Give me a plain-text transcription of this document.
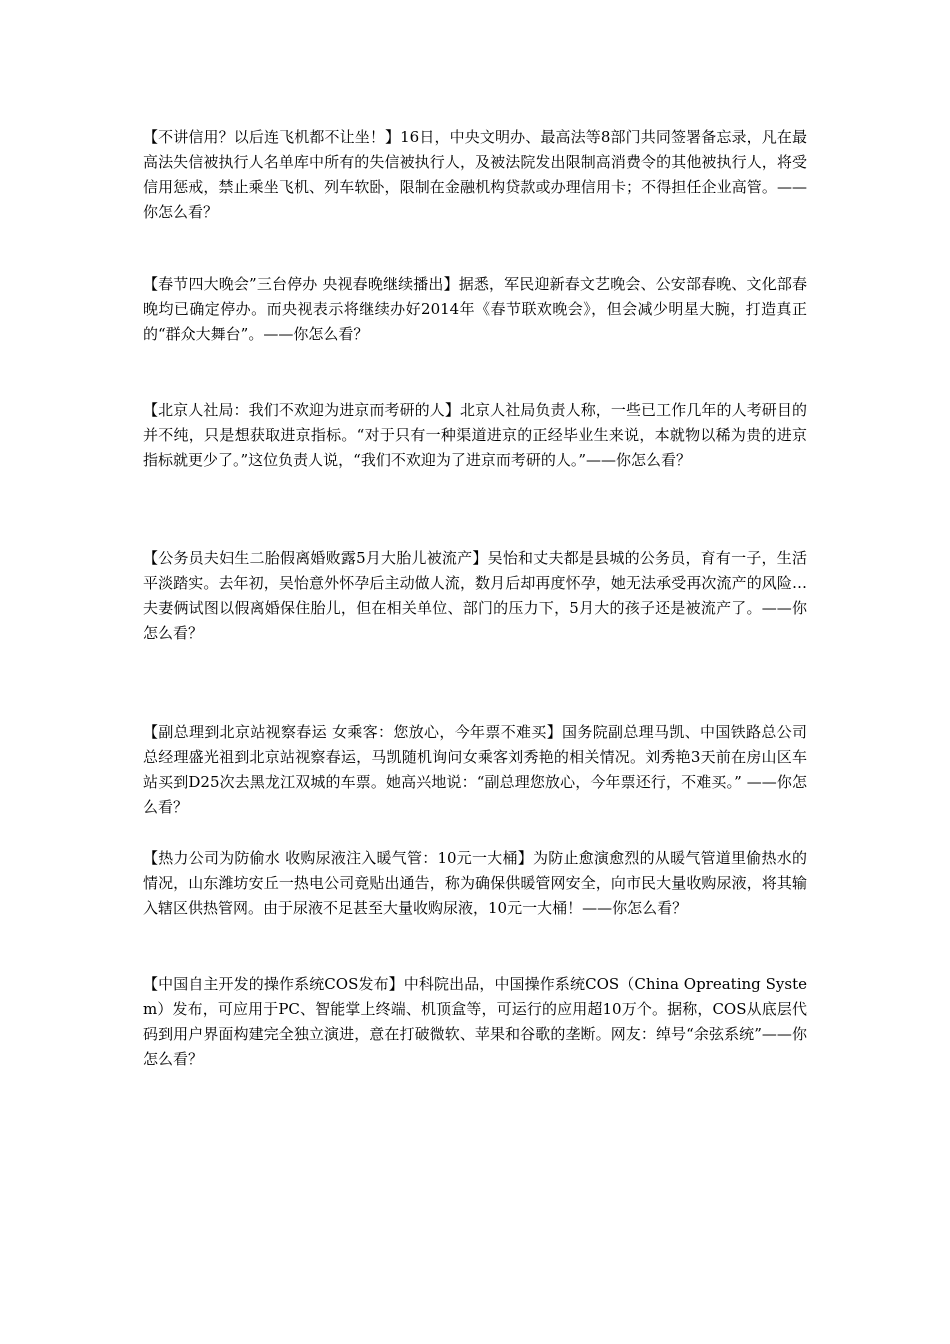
【不讲信用？以后连飞机都不让坐！】16日，中央文明办、最高法等8部门共同签署备忘录，凡在最高法失信被执行人名单库中所有的失信被执行人，及被法院发出限制高消费令的其他被执行人，将受信用惩戒，禁止乘坐飞机、列车软卧，限制在金融机构贷款或办理信用卡；不得担任企业高管。——你怎么看？

【春节四大晚会”三台停办 央视春晚继续播出】据悉，军民迎新春文艺晚会、公安部春晚、文化部春晚均已确定停办。而央视表示将继续办好2014年《春节联欢晚会》，但会减少明星大腕，打造真正的“群众大舞台”。——你怎么看？

【北京人社局：我们不欢迎为进京而考研的人】北京人社局负责人称，一些已工作几年的人考研目的并不纯，只是想获取进京指标。“对于只有一种渠道进京的正经毕业生来说，本就物以稀为贵的进京指标就更少了。”这位负责人说，“我们不欢迎为了进京而考研的人。”——你怎么看？

【公务员夫妇生二胎假离婚败露5月大胎儿被流产】吴怡和丈夫都是县城的公务员，育有一子，生活平淡踏实。去年初，吴怡意外怀孕后主动做人流，数月后却再度怀孕，她无法承受再次流产的风险…夫妻俩试图以假离婚保住胎儿，但在相关单位、部门的压力下，5月大的孩子还是被流产了。——你怎么看？

【副总理到北京站视察春运 女乘客：您放心，今年票不难买】国务院副总理马凯、中国铁路总公司总经理盛光祖到北京站视察春运，马凯随机询问女乘客刘秀艳的相关情况。刘秀艳3天前在房山区车站买到D25次去黑龙江双城的车票。她高兴地说：“副总理您放心，今年票还行，不难买。” ——你怎么看？

【热力公司为防偷水 收购尿液注入暖气管：10元一大桶】为防止愈演愈烈的从暖气管道里偷热水的情况，山东潍坊安丘一热电公司竟贴出通告，称为确保供暖管网安全，向市民大量收购尿液，将其输入辖区供热管网。由于尿液不足甚至大量收购尿液，10元一大桶！——你怎么看？

【中国自主开发的操作系统COS发布】中科院出品，中国操作系统COS（China Opreating System）发布，可应用于PC、智能掌上终端、机顶盒等，可运行的应用超10万个。据称，COS从底层代码到用户界面构建完全独立演进，意在打破微软、苹果和谷歌的垄断。网友：绰号“余弦系统”——你怎么看？
